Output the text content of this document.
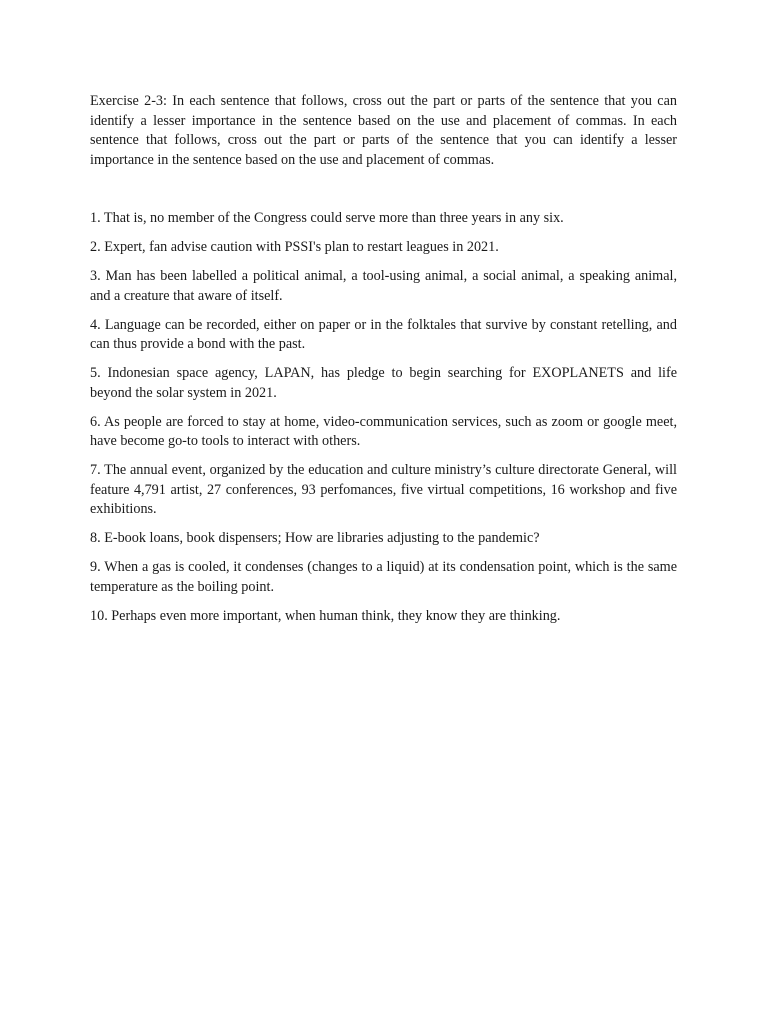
Exercise 2-3: In each sentence that follows, cross out the part or parts of the sentence that you can identify a lesser importance in the sentence based on the use and placement of commas. In each sentence that follows, cross out the part or parts of the sentence that you can identify a lesser importance in the sentence based on the use and placement of commas.

1. That is, no member of the Congress could serve more than three years in any six.
2. Expert, fan advise caution with PSSI's plan to restart leagues in 2021.
3. Man has been labelled a political animal, a tool-using animal, a social animal, a speaking animal, and a creature that aware of itself.
4. Language can be recorded, either on paper or in the folktales that survive by constant retelling, and can thus provide a bond with the past.
5. Indonesian space agency, LAPAN, has pledge to begin searching for EXOPLANETS and life beyond the solar system in 2021.
6. As people are forced to stay at home, video-communication services, such as zoom or google meet, have become go-to tools to interact with others.
7. The annual event, organized by the education and culture ministry’s culture directorate General, will feature 4,791 artist, 27 conferences, 93 perfomances, five virtual competitions, 16 workshop and five exhibitions.
8. E-book loans, book dispensers; How are libraries adjusting to the pandemic?
9. When a gas is cooled, it condenses (changes to a liquid) at its condensation point, which is the same temperature as the boiling point.
10. Perhaps even more important, when human think, they know they are thinking.
